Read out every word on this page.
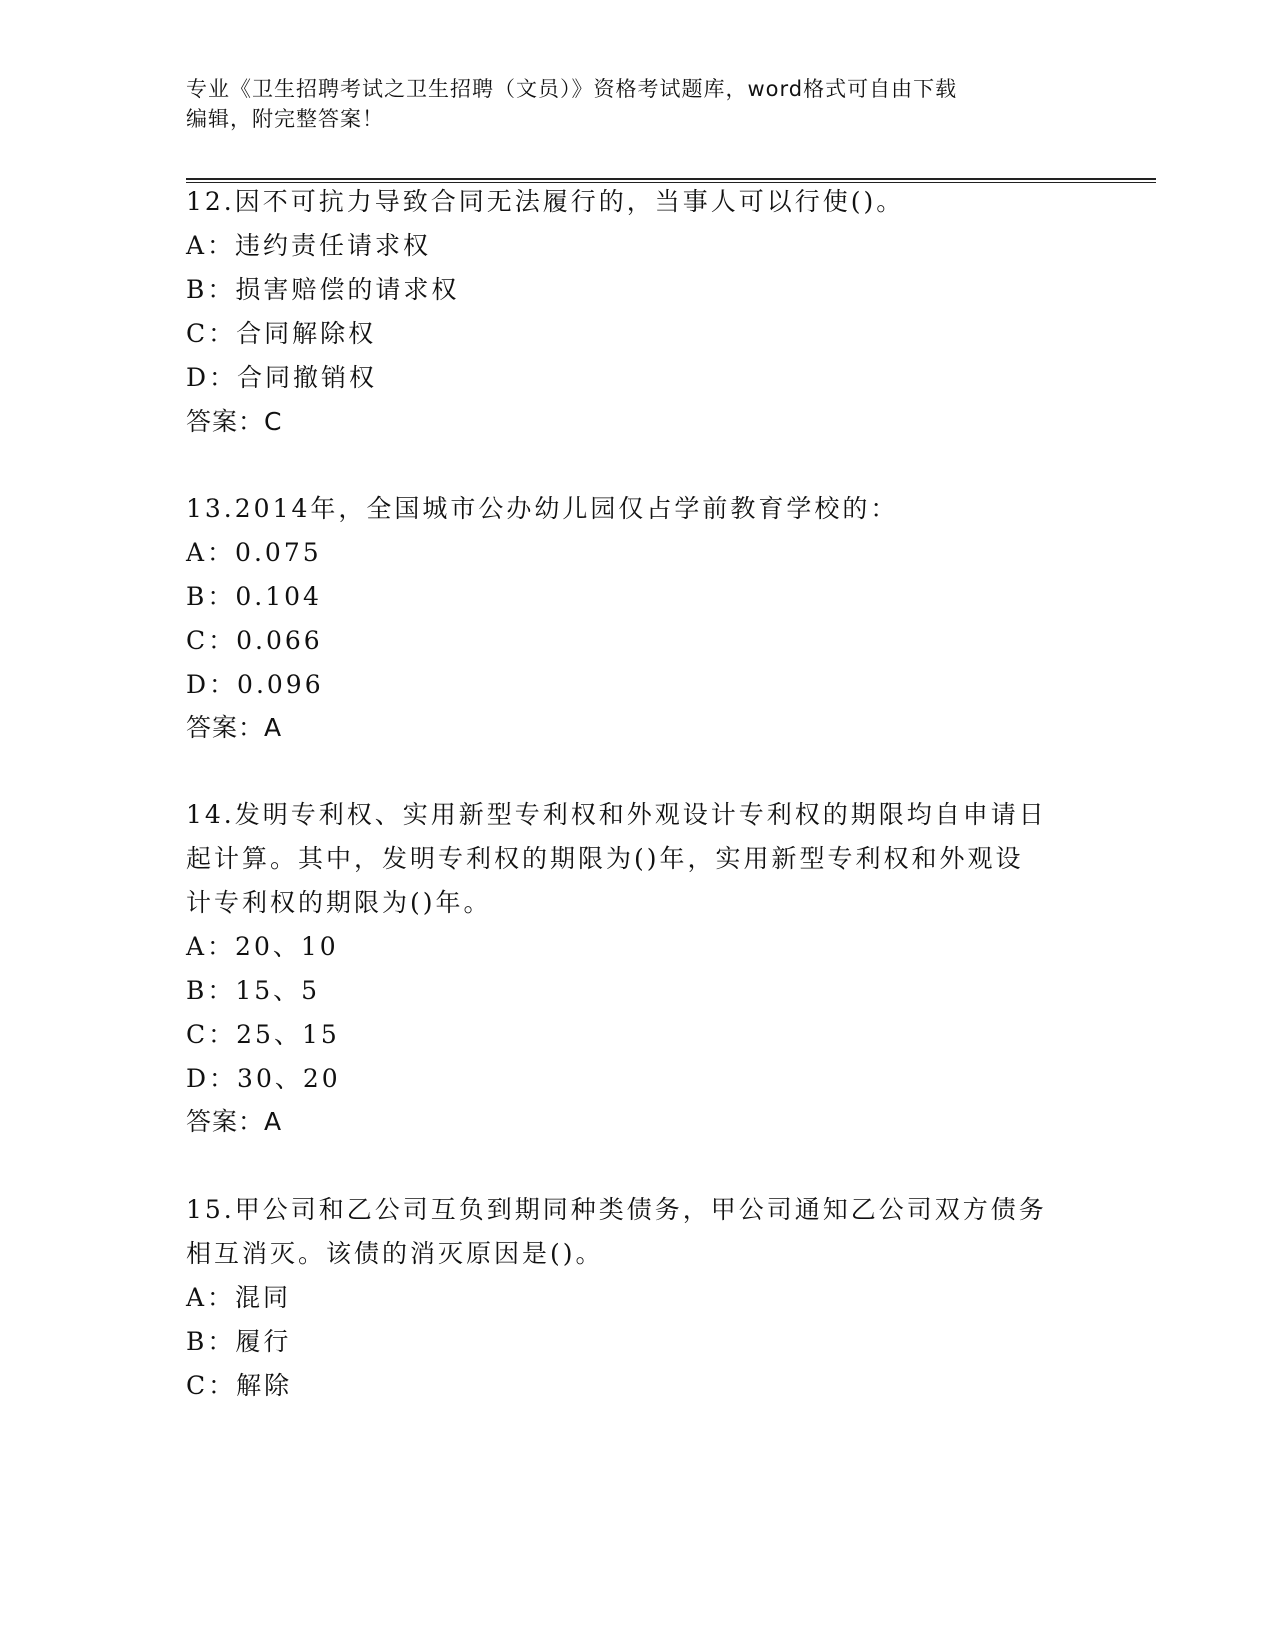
专业《卫生招聘考试之卫生招聘（文员）》资格考试题库，word格式可自由下载
编辑，附完整答案！
12.因不可抗力导致合同无法履行的，当事人可以行使()。
A：违约责任请求权
B：损害赔偿的请求权
C：合同解除权
D：合同撤销权
答案：C
13.2014年，全国城市公办幼儿园仅占学前教育学校的：
A：0.075
B：0.104
C：0.066
D：0.096
答案：A
14.发明专利权、实用新型专利权和外观设计专利权的期限均自申请日
起计算。其中，发明专利权的期限为()年，实用新型专利权和外观设
计专利权的期限为()年。
A：20、10
B：15、5
C：25、15
D：30、20
答案：A
15.甲公司和乙公司互负到期同种类债务，甲公司通知乙公司双方债务
相互消灭。该债的消灭原因是()。
A：混同
B：履行
C：解除
